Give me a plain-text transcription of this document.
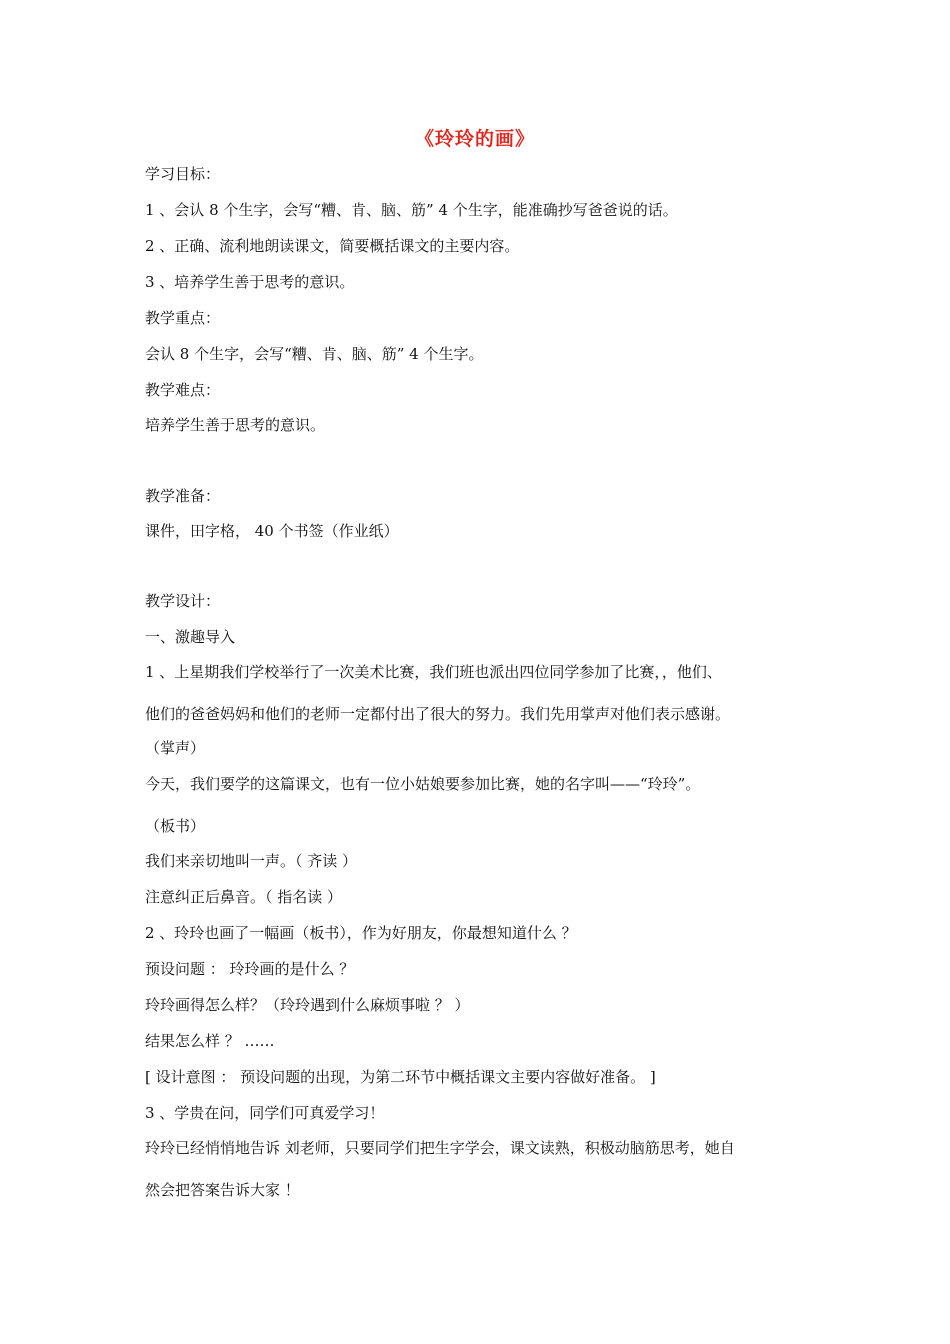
《玲玲的画》
学习目标：
1 、会认 8 个生字，会写“糟、肯、脑、筋” 4 个生字，能准确抄写爸爸说的话。
2 、正确、流利地朗读课文，简要概括课文的主要内容。
3 、培养学生善于思考的意识。
教学重点：
会认 8 个生字，会写“糟、肯、脑、筋” 4 个生字。
教学难点：
培养学生善于思考的意识。
教学准备：
课件，田字格， 40 个书签（作业纸）
教学设计：
一、激趣导入
1 、上星期我们学校举行了一次美术比赛，我们班也派出四位同学参加了比赛，，他们、
他们的爸爸妈妈和他们的老师一定都付出了很大的努力。我们先用掌声对他们表示感谢。
（掌声）
今天，我们要学的这篇课文，也有一位小姑娘要参加比赛，她的名字叫——“玲玲”。
（板书）
我们来亲切地叫一声。（ 齐读 ）
注意纠正后鼻音。（ 指名读 ）
2 、玲玲也画了一幅画（板书），作为好朋友，你最想知道什么 ？
预设问题 ： 玲玲画的是什么 ？
玲玲画得怎么样？（玲玲遇到什么麻烦事啦 ？ ）
结果怎么样 ？ ……
[ 设计意图 ： 预设问题的出现，为第二环节中概括课文主要内容做好准备。 ]
3 、学贵在问，同学们可真爱学习！
玲玲已经悄悄地告诉 刘老师，只要同学们把生字学会，课文读熟，积极动脑筋思考，她自
然会把答案告诉大家 ！
